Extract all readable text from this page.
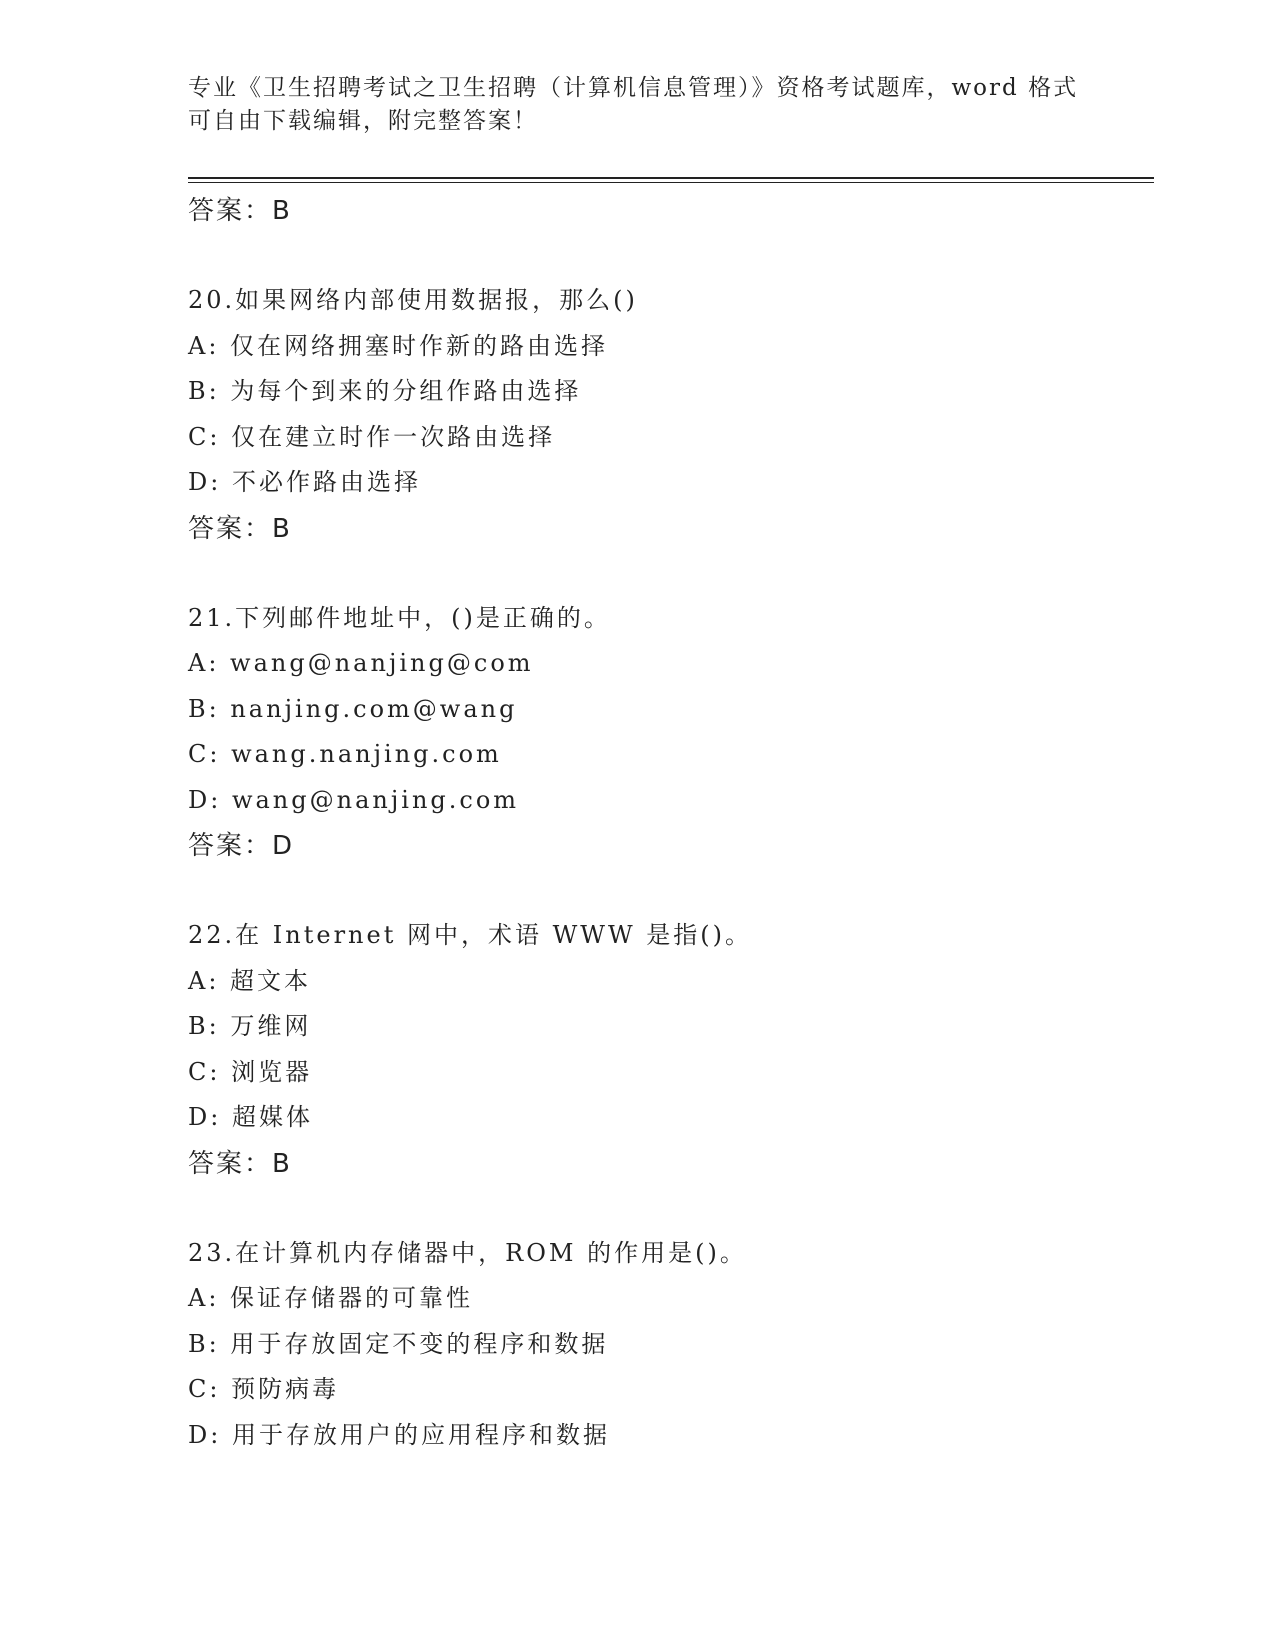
专业《卫生招聘考试之卫生招聘（计算机信息管理）》资格考试题库，word 格式
可自由下载编辑，附完整答案！
答案：B
20.如果网络内部使用数据报，那么()
A: 仅在网络拥塞时作新的路由选择
B: 为每个到来的分组作路由选择
C: 仅在建立时作一次路由选择
D: 不必作路由选择
答案：B
21.下列邮件地址中，()是正确的。
A: wang@nanjing@com
B: nanjing.com@wang
C: wang.nanjing.com
D: wang@nanjing.com
答案：D
22.在 Internet 网中，术语 WWW 是指()。
A: 超文本
B: 万维网
C: 浏览器
D: 超媒体
答案：B
23.在计算机内存储器中，ROM 的作用是()。
A: 保证存储器的可靠性
B: 用于存放固定不变的程序和数据
C: 预防病毒
D: 用于存放用户的应用程序和数据
